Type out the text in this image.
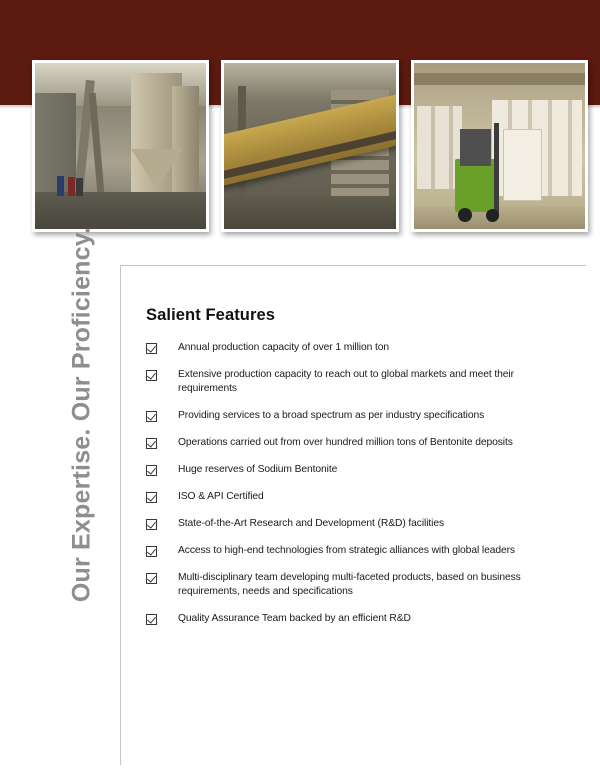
Our Expertise. Our Proficiency.	Salient Features
Annual production capacity of over 1 million ton
Extensive production capacity to reach out to global markets and meet their requirements
Providing services to a broad spectrum as per industry specifications
Operations carried out from over hundred million tons of Bentonite deposits
Huge reserves of Sodium Bentonite
ISO & API Certified
State-of-the-Art Research and Development (R&D) facilities
Access to high-end technologies from strategic alliances with global leaders
Multi-disciplinary team developing multi-faceted products, based on business requirements, needs and specifications
Quality Assurance Team backed by an efficient R&D
